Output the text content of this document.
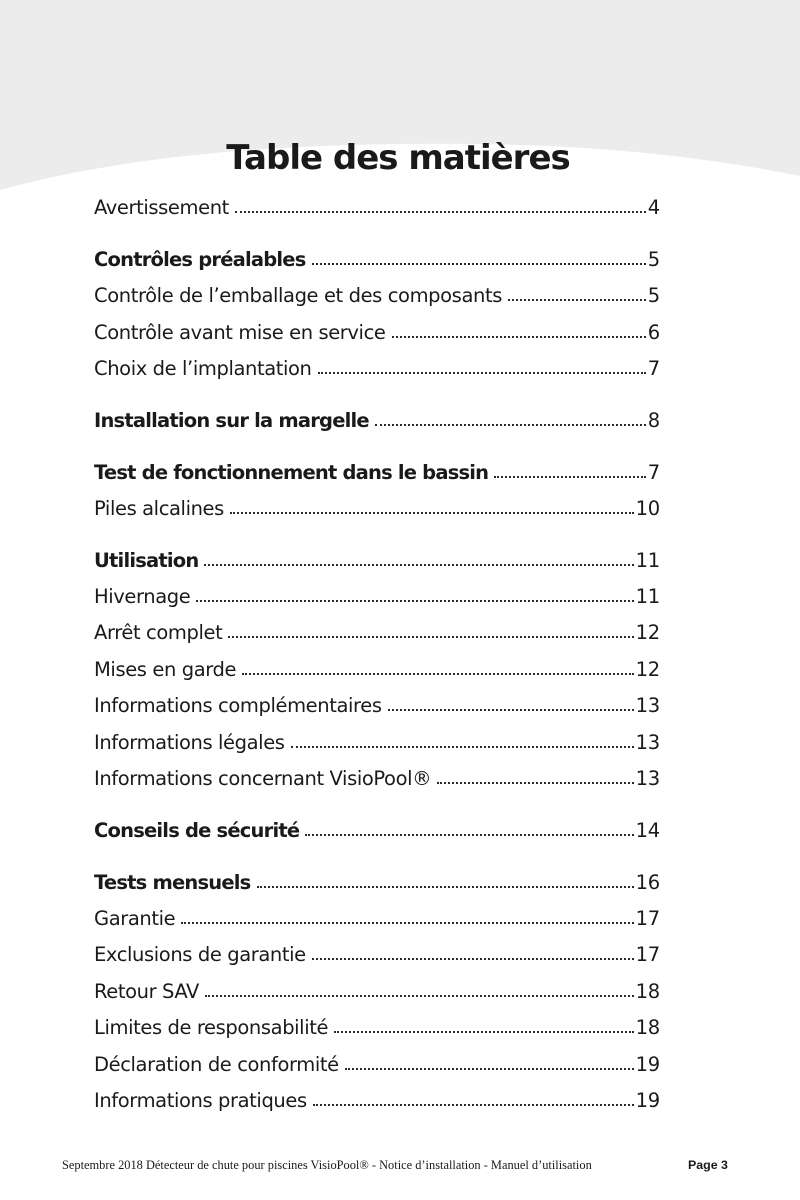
Table des matières
Avertissement	4
Contrôles préalables	5
Contrôle de l’emballage et des composants	5
Contrôle avant mise en service	6
Choix de l’implantation	7
Installation sur la margelle	8
Test de fonctionnement dans le bassin	7
Piles alcalines	10
Utilisation	11
Hivernage	11
Arrêt complet	12
Mises en garde	12
Informations complémentaires	13
Informations légales	13
Informations concernant VisioPool®	13
Conseils de sécurité	14
Tests mensuels	16
Garantie	17
Exclusions de garantie	17
Retour SAV	18
Limites de responsabilité	18
Déclaration de conformité	19
Informations pratiques	19
Septembre 2018 Détecteur de chute pour piscines VisioPool® - Notice d’installation - Manuel d’utilisation	Page 3
